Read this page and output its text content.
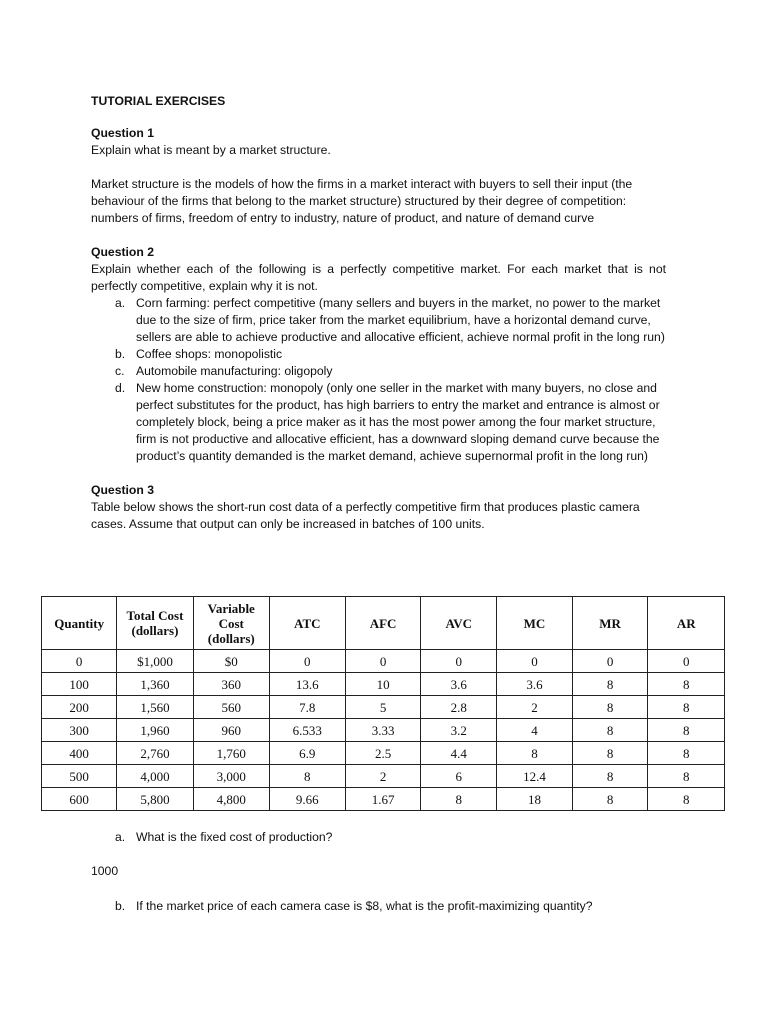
TUTORIAL EXERCISES

Question 1

Explain what is meant by a market structure.

Market structure is the models of how the firms in a market interact with buyers to sell their input (the behaviour of the firms that belong to the market structure) structured by their degree of competition: numbers of firms, freedom of entry to industry, nature of product, and nature of demand curve

Question 2

Explain whether each of the following is a perfectly competitive market. For each market that is not perfectly competitive, explain why it is not.

a. Corn farming: perfect competitive (many sellers and buyers in the market, no power to the market due to the size of firm, price taker from the market equilibrium, have a horizontal demand curve, sellers are able to achieve productive and allocative efficient, achieve normal profit in the long run)
b. Coffee shops: monopolistic
c. Automobile manufacturing: oligopoly
d. New home construction: monopoly (only one seller in the market with many buyers, no close and perfect substitutes for the product, has high barriers to entry the market and entrance is almost or completely block, being a price maker as it has the most power among the four market structure, firm is not productive and allocative efficient, has a downward sloping demand curve because the product’s quantity demanded is the market demand, achieve supernormal profit in the long run)

Question 3

Table below shows the short-run cost data of a perfectly competitive firm that produces plastic camera cases. Assume that output can only be increased in batches of 100 units.

Quantity	Total Cost (dollars)	Variable Cost (dollars)	ATC	AFC	AVC	MC	MR	AR
0	$1,000	$0	0	0	0	0	0	0
100	1,360	360	13.6	10	3.6	3.6	8	8
200	1,560	560	7.8	5	2.8	2	8	8
300	1,960	960	6.533	3.33	3.2	4	8	8
400	2,760	1,760	6.9	2.5	4.4	8	8	8
500	4,000	3,000	8	2	6	12.4	8	8
600	5,800	4,800	9.66	1.67	8	18	8	8
a. What is the fixed cost of production?
1000
b. If the market price of each camera case is $8, what is the profit-maximizing quantity?
